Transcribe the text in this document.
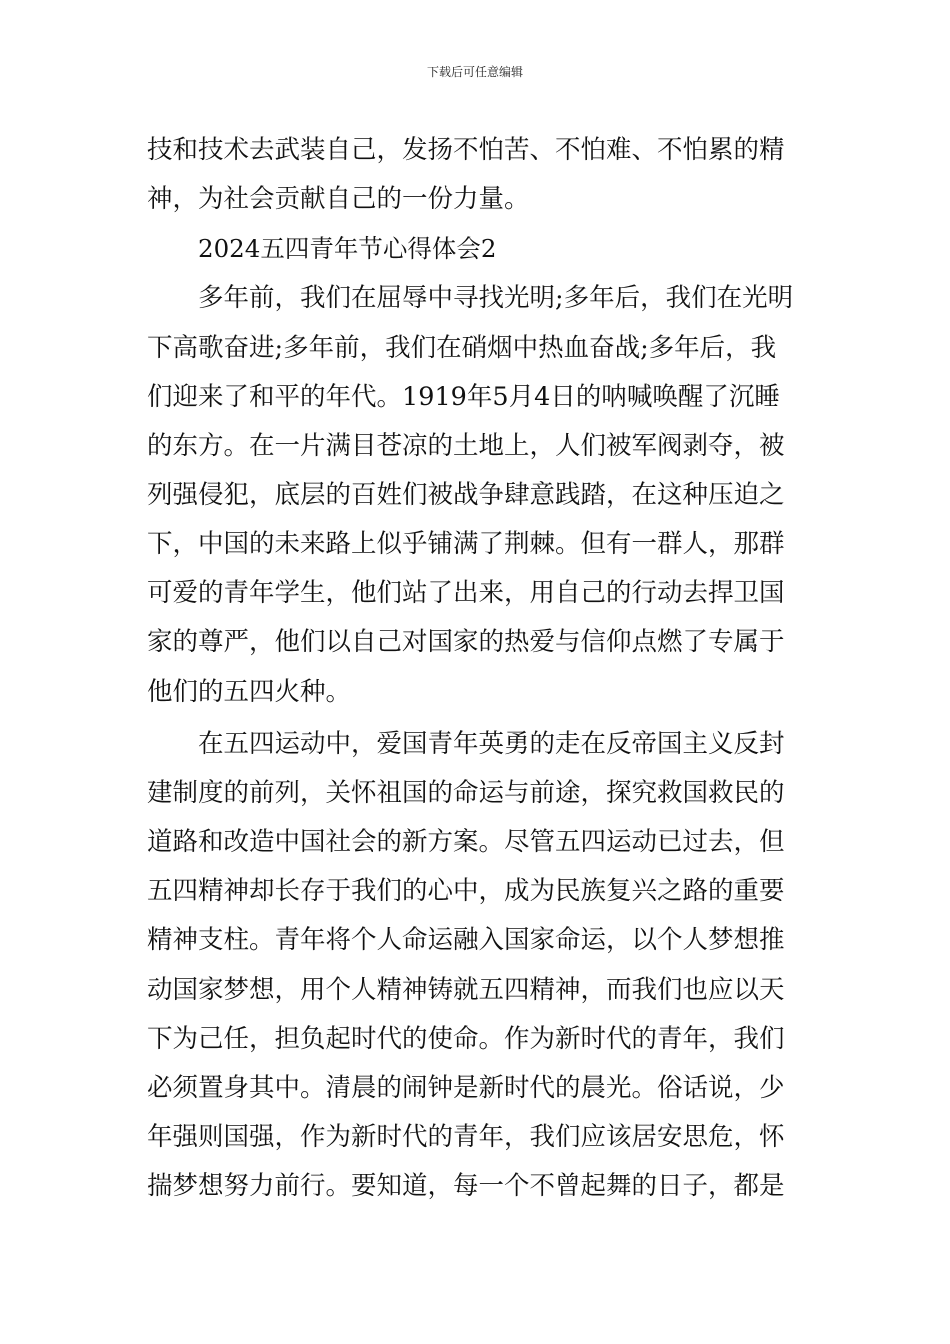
下载后可任意编辑
技和技术去武装自己，发扬不怕苦、不怕难、不怕累的精
神，为社会贡献自己的一份力量。
2024五四青年节心得体会2
多年前，我们在屈辱中寻找光明;多年后，我们在光明
下高歌奋进;多年前，我们在硝烟中热血奋战;多年后，我
们迎来了和平的年代。1919年5月4日的呐喊唤醒了沉睡
的东方。在一片满目苍凉的土地上，人们被军阀剥夺，被
列强侵犯，底层的百姓们被战争肆意践踏，在这种压迫之
下，中国的未来路上似乎铺满了荆棘。但有一群人，那群
可爱的青年学生，他们站了出来，用自己的行动去捍卫国
家的尊严，他们以自己对国家的热爱与信仰点燃了专属于
他们的五四火种。
在五四运动中，爱国青年英勇的走在反帝国主义反封
建制度的前列，关怀祖国的命运与前途，探究救国救民的
道路和改造中国社会的新方案。尽管五四运动已过去，但
五四精神却长存于我们的心中，成为民族复兴之路的重要
精神支柱。青年将个人命运融入国家命运，以个人梦想推
动国家梦想，用个人精神铸就五四精神，而我们也应以天
下为己任，担负起时代的使命。作为新时代的青年，我们
必须置身其中。清晨的闹钟是新时代的晨光。俗话说，少
年强则国强，作为新时代的青年，我们应该居安思危，怀
揣梦想努力前行。要知道，每一个不曾起舞的日子，都是
